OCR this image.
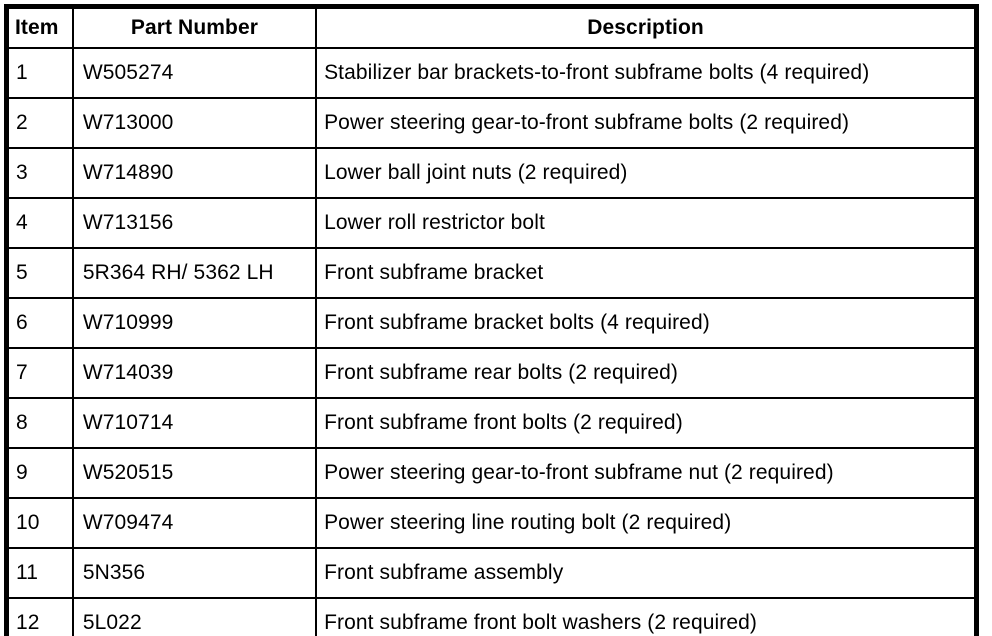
Item	Part Number	Description
1	W505274	Stabilizer bar brackets-to-front subframe bolts (4 required)
2	W713000	Power steering gear-to-front subframe bolts (2 required)
3	W714890	Lower ball joint nuts (2 required)
4	W713156	Lower roll restrictor bolt
5	5R364 RH/ 5362 LH	Front subframe bracket
6	W710999	Front subframe bracket bolts (4 required)
7	W714039	Front subframe rear bolts (2 required)
8	W710714	Front subframe front bolts (2 required)
9	W520515	Power steering gear-to-front subframe nut (2 required)
10	W709474	Power steering line routing bolt (2 required)
11	5N356	Front subframe assembly
12	5L022	Front subframe front bolt washers (2 required)
